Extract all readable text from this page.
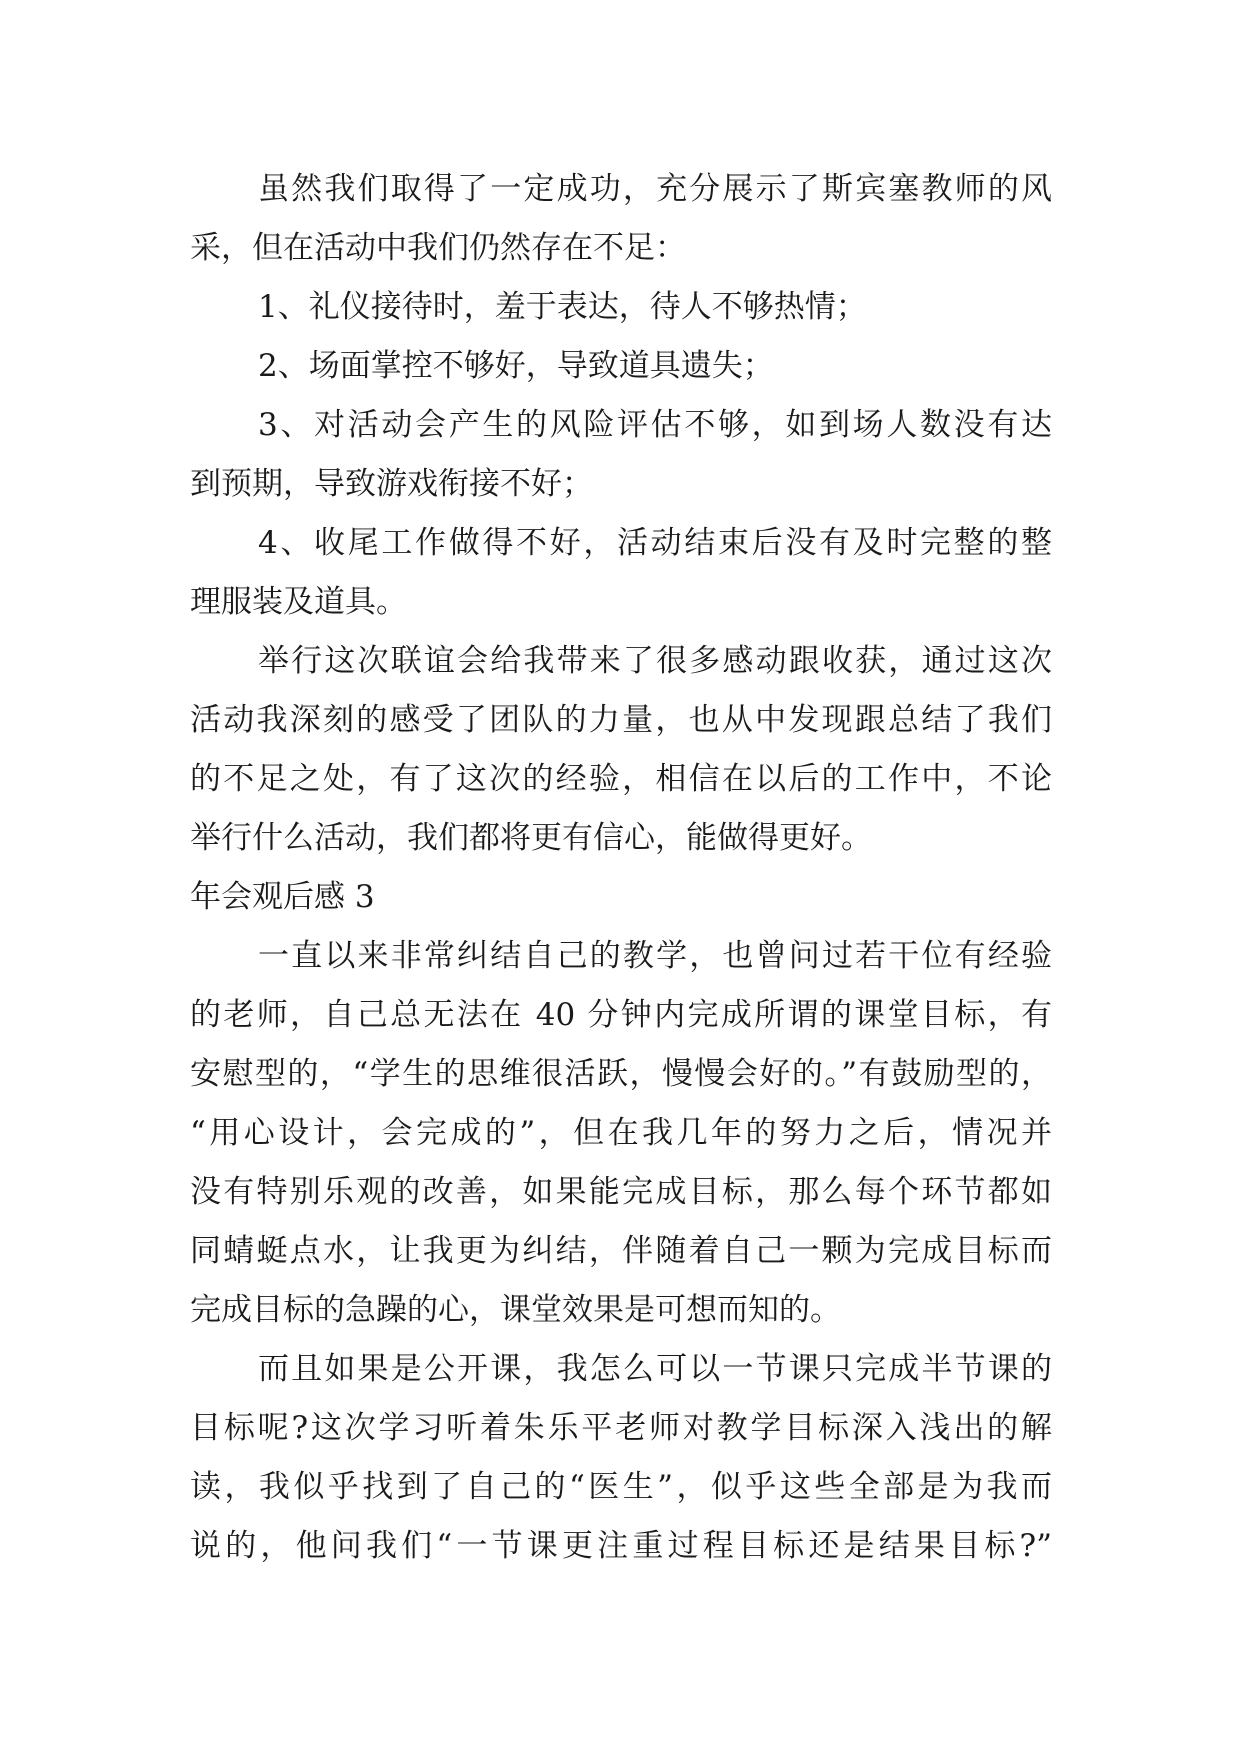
虽然我们取得了一定成功，充分展示了斯宾塞教师的风
采，但在活动中我们仍然存在不足：
1、礼仪接待时，羞于表达，待人不够热情；
2、场面掌控不够好，导致道具遗失；
3、对活动会产生的风险评估不够，如到场人数没有达
到预期，导致游戏衔接不好；
4、收尾工作做得不好，活动结束后没有及时完整的整
理服装及道具。
举行这次联谊会给我带来了很多感动跟收获，通过这次
活动我深刻的感受了团队的力量，也从中发现跟总结了我们
的不足之处，有了这次的经验，相信在以后的工作中，不论
举行什么活动，我们都将更有信心，能做得更好。
年会观后感 3
一直以来非常纠结自己的教学，也曾问过若干位有经验
的老师，自己总无法在 40 分钟内完成所谓的课堂目标，有
安慰型的，“学生的思维很活跃，慢慢会好的。”有鼓励型的，
“用心设计，会完成的”，但在我几年的努力之后，情况并
没有特别乐观的改善，如果能完成目标，那么每个环节都如
同蜻蜓点水，让我更为纠结，伴随着自己一颗为完成目标而
完成目标的急躁的心，课堂效果是可想而知的。
而且如果是公开课，我怎么可以一节课只完成半节课的
目标呢?这次学习听着朱乐平老师对教学目标深入浅出的解
读，我似乎找到了自己的“医生”，似乎这些全部是为我而
说的，他问我们“一节课更注重过程目标还是结果目标?”
